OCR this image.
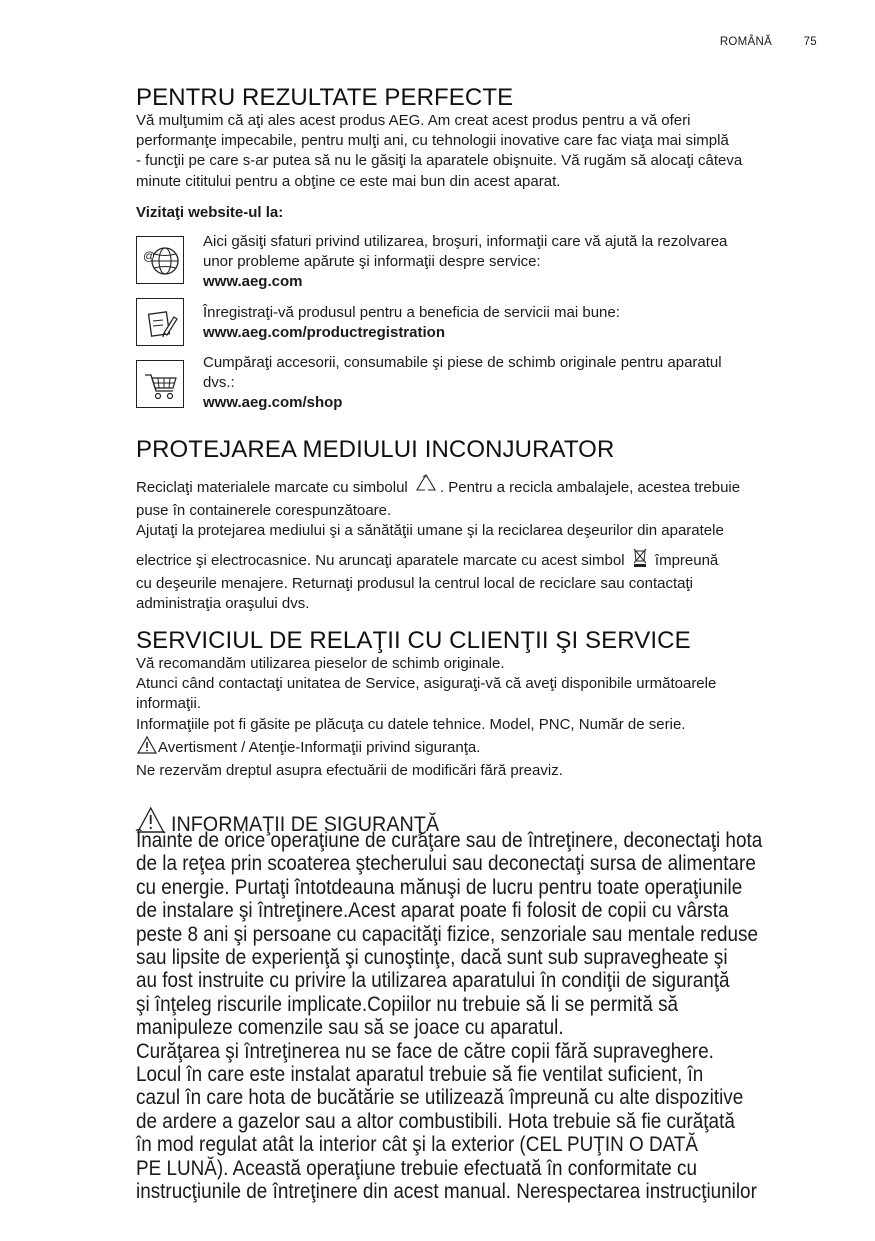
ROMÂNĂ	75
PENTRU REZULTATE PERFECTE

Vă mulţumim că aţi ales acest produs AEG. Am creat acest produs pentru a vă oferi

performanţe impecabile, pentru mulţi ani, cu tehnologii inovative care fac viaţa mai simplă

- funcţii pe care s-ar putea să nu le găsiţi la aparatele obişnuite. Vă rugăm să alocaţi câteva

minute cititului pentru a obţine ce este mai bun din acest aparat.

Vizitaţi website-ul la:
@

Aici găsiţi sfaturi privind utilizarea, broşuri, informaţii care vă ajută la rezolvarea

unor probleme apărute şi informaţii despre service:

www.aeg.com

Înregistraţi-vă produsul pentru a beneficia de servicii mai bune:

www.aeg.com/productregistration

Cumpăraţi accesorii, consumabile şi piese de schimb originale pentru aparatul

dvs.:

www.aeg.com/shop

PROTEJAREA MEDIULUI INCONJURATOR

Reciclaţi materialele marcate cu simbolul . Pentru a recicla ambalajele, acestea trebuie

puse în containerele corespunzătoare.

Ajutaţi la protejarea mediului şi a sănătăţii umane şi la reciclarea deşeurilor din aparatele

electrice şi electrocasnice. Nu aruncaţi aparatele marcate cu acest simbol împreună

cu deşeurile menajere. Returnaţi produsul la centrul local de reciclare sau contactaţi

administraţia oraşului dvs.

SERVICIUL DE RELAŢII CU CLIENŢII ŞI SERVICE

Vă recomandăm utilizarea pieselor de schimb originale.

Atunci când contactaţi unitatea de Service, asiguraţi-vă că aveţi disponibile următoarele

informaţii.

Informaţiile pot fi găsite pe plăcuţa cu datele tehnice. Model, PNC, Număr de serie.

Avertisment / Atenţie-Informaţii privind siguranţa.

Ne rezervăm dreptul asupra efectuării de modificări fără preaviz.

INFORMAŢII DE SIGURANŢĂ

Înainte de orice operaţiune de curăţare sau de întreţinere, deconectaţi hota

de la reţea prin scoaterea ştecherului sau deconectaţi sursa de alimentare

cu energie. Purtaţi întotdeauna mănuşi de lucru pentru toate operaţiunile

de instalare şi întreţinere.Acest aparat poate fi folosit de copii cu vârsta

peste 8 ani şi persoane cu capacităţi fizice, senzoriale sau mentale reduse

sau lipsite de experienţă şi cunoştinţe, dacă sunt sub supravegheate şi

au fost instruite cu privire la utilizarea aparatului în condiţii de siguranţă

şi înţeleg riscurile implicate.Copiilor nu trebuie să li se permită să

manipuleze comenzile sau să se joace cu aparatul.

Curăţarea şi întreţinerea nu se face de către copii fără supraveghere.

Locul în care este instalat aparatul trebuie să fie ventilat suficient, în

cazul în care hota de bucătărie se utilizează împreună cu alte dispozitive

de ardere a gazelor sau a altor combustibili. Hota trebuie să fie curăţată

în mod regulat atât la interior cât şi la exterior (CEL PUŢIN O DATĂ

PE LUNĂ). Această operaţiune trebuie efectuată în conformitate cu

instrucţiunile de întreţinere din acest manual. Nerespectarea instrucţiunilor
